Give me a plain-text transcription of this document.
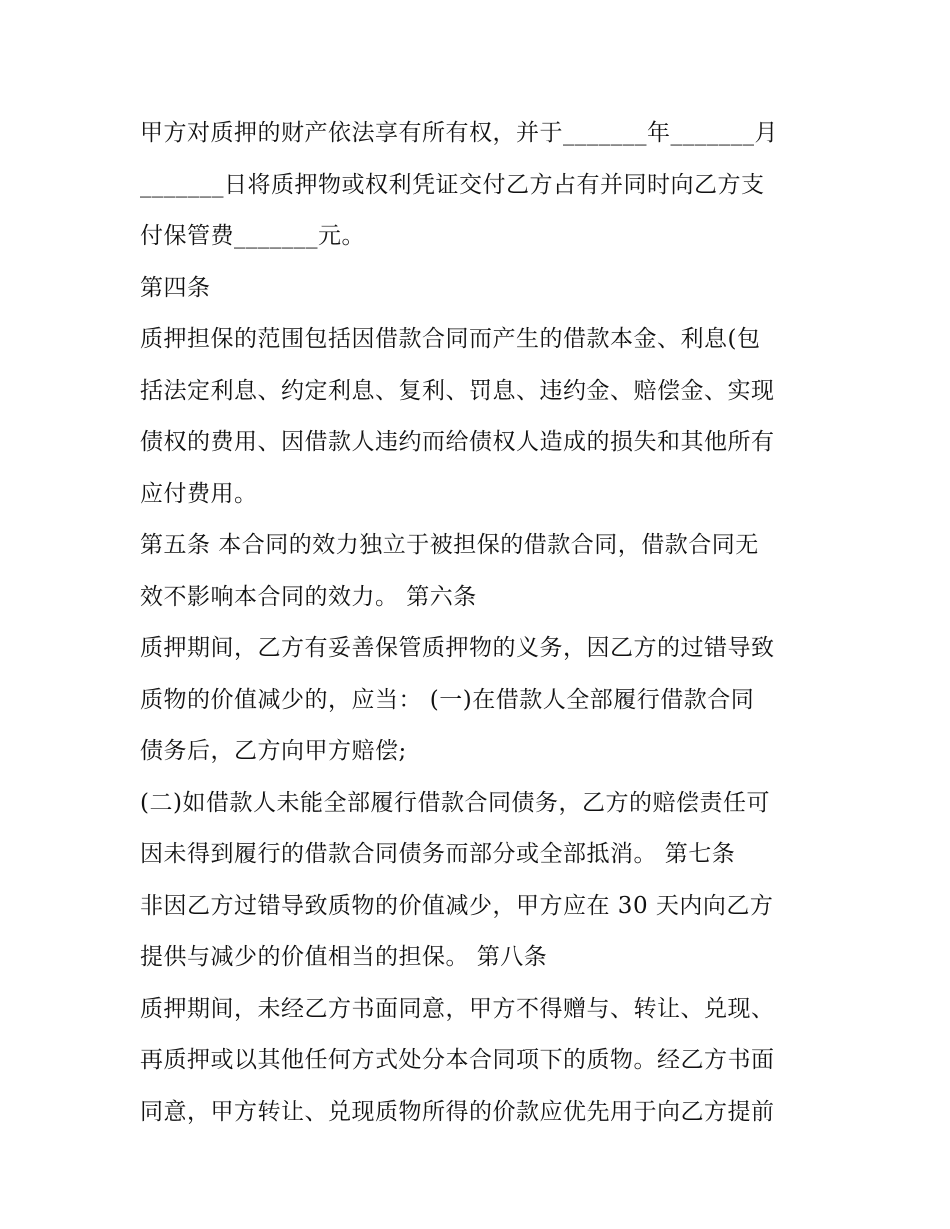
甲方对质押的财产依法享有所有权，并于_______年_______月
_______日将质押物或权利凭证交付乙方占有并同时向乙方支
付保管费_______元。
第四条
质押担保的范围包括因借款合同而产生的借款本金、利息(包
括法定利息、约定利息、复利、罚息、违约金、赔偿金、实现
债权的费用、因借款人违约而给债权人造成的损失和其他所有
应付费用。
第五条 本合同的效力独立于被担保的借款合同，借款合同无
效不影响本合同的效力。 第六条
质押期间，乙方有妥善保管质押物的义务，因乙方的过错导致
质物的价值减少的，应当： (一)在借款人全部履行借款合同
债务后，乙方向甲方赔偿;
(二)如借款人未能全部履行借款合同债务，乙方的赔偿责任可
因未得到履行的借款合同债务而部分或全部抵消。 第七条
非因乙方过错导致质物的价值减少，甲方应在 30 天内向乙方
提供与减少的价值相当的担保。 第八条
质押期间，未经乙方书面同意，甲方不得赠与、转让、兑现、
再质押或以其他任何方式处分本合同项下的质物。经乙方书面
同意，甲方转让、兑现质物所得的价款应优先用于向乙方提前
